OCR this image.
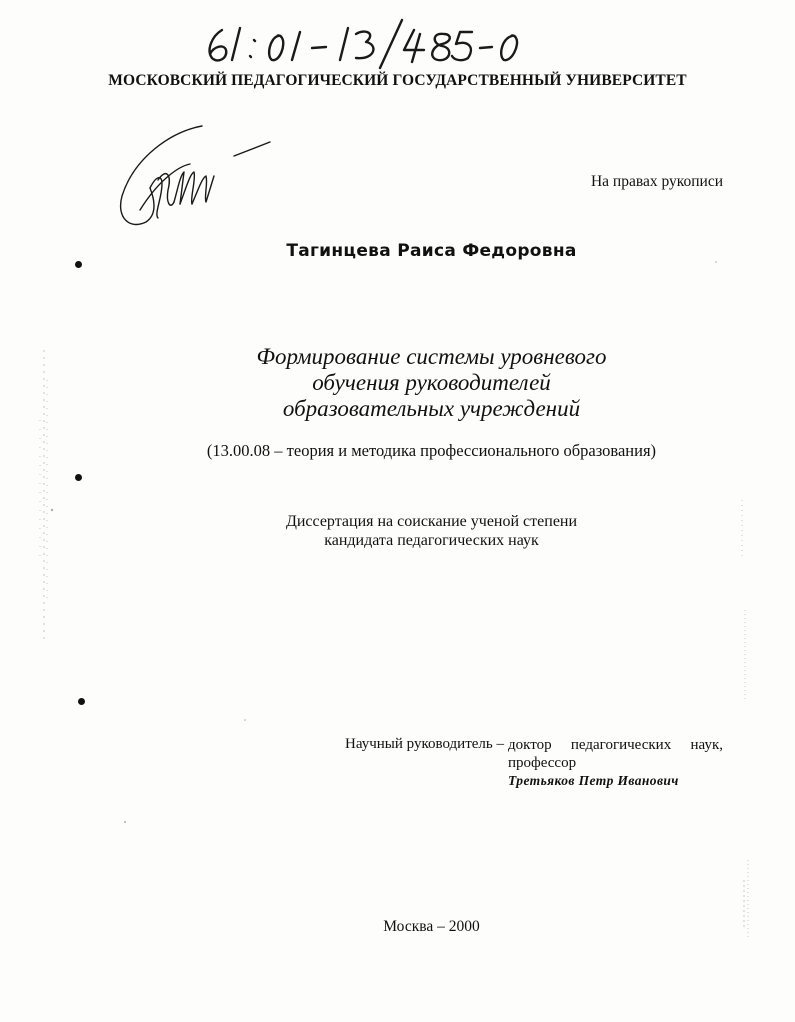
МОСКОВСКИЙ ПЕДАГОГИЧЕСКИЙ ГОСУДАРСТВЕННЫЙ УНИВЕРСИТЕТ
На правах рукописи
Тагинцева Раиса Федоровна
Формирование системы уровневого
обучения руководителей
образовательных учреждений
(13.00.08 – теория и методика профессионального образования)
Диссертация на соискание ученой степени
кандидата педагогических наук
Научный руководитель – доктор педагогических наук,
профессор
Третьяков Петр Иванович
Москва – 2000
